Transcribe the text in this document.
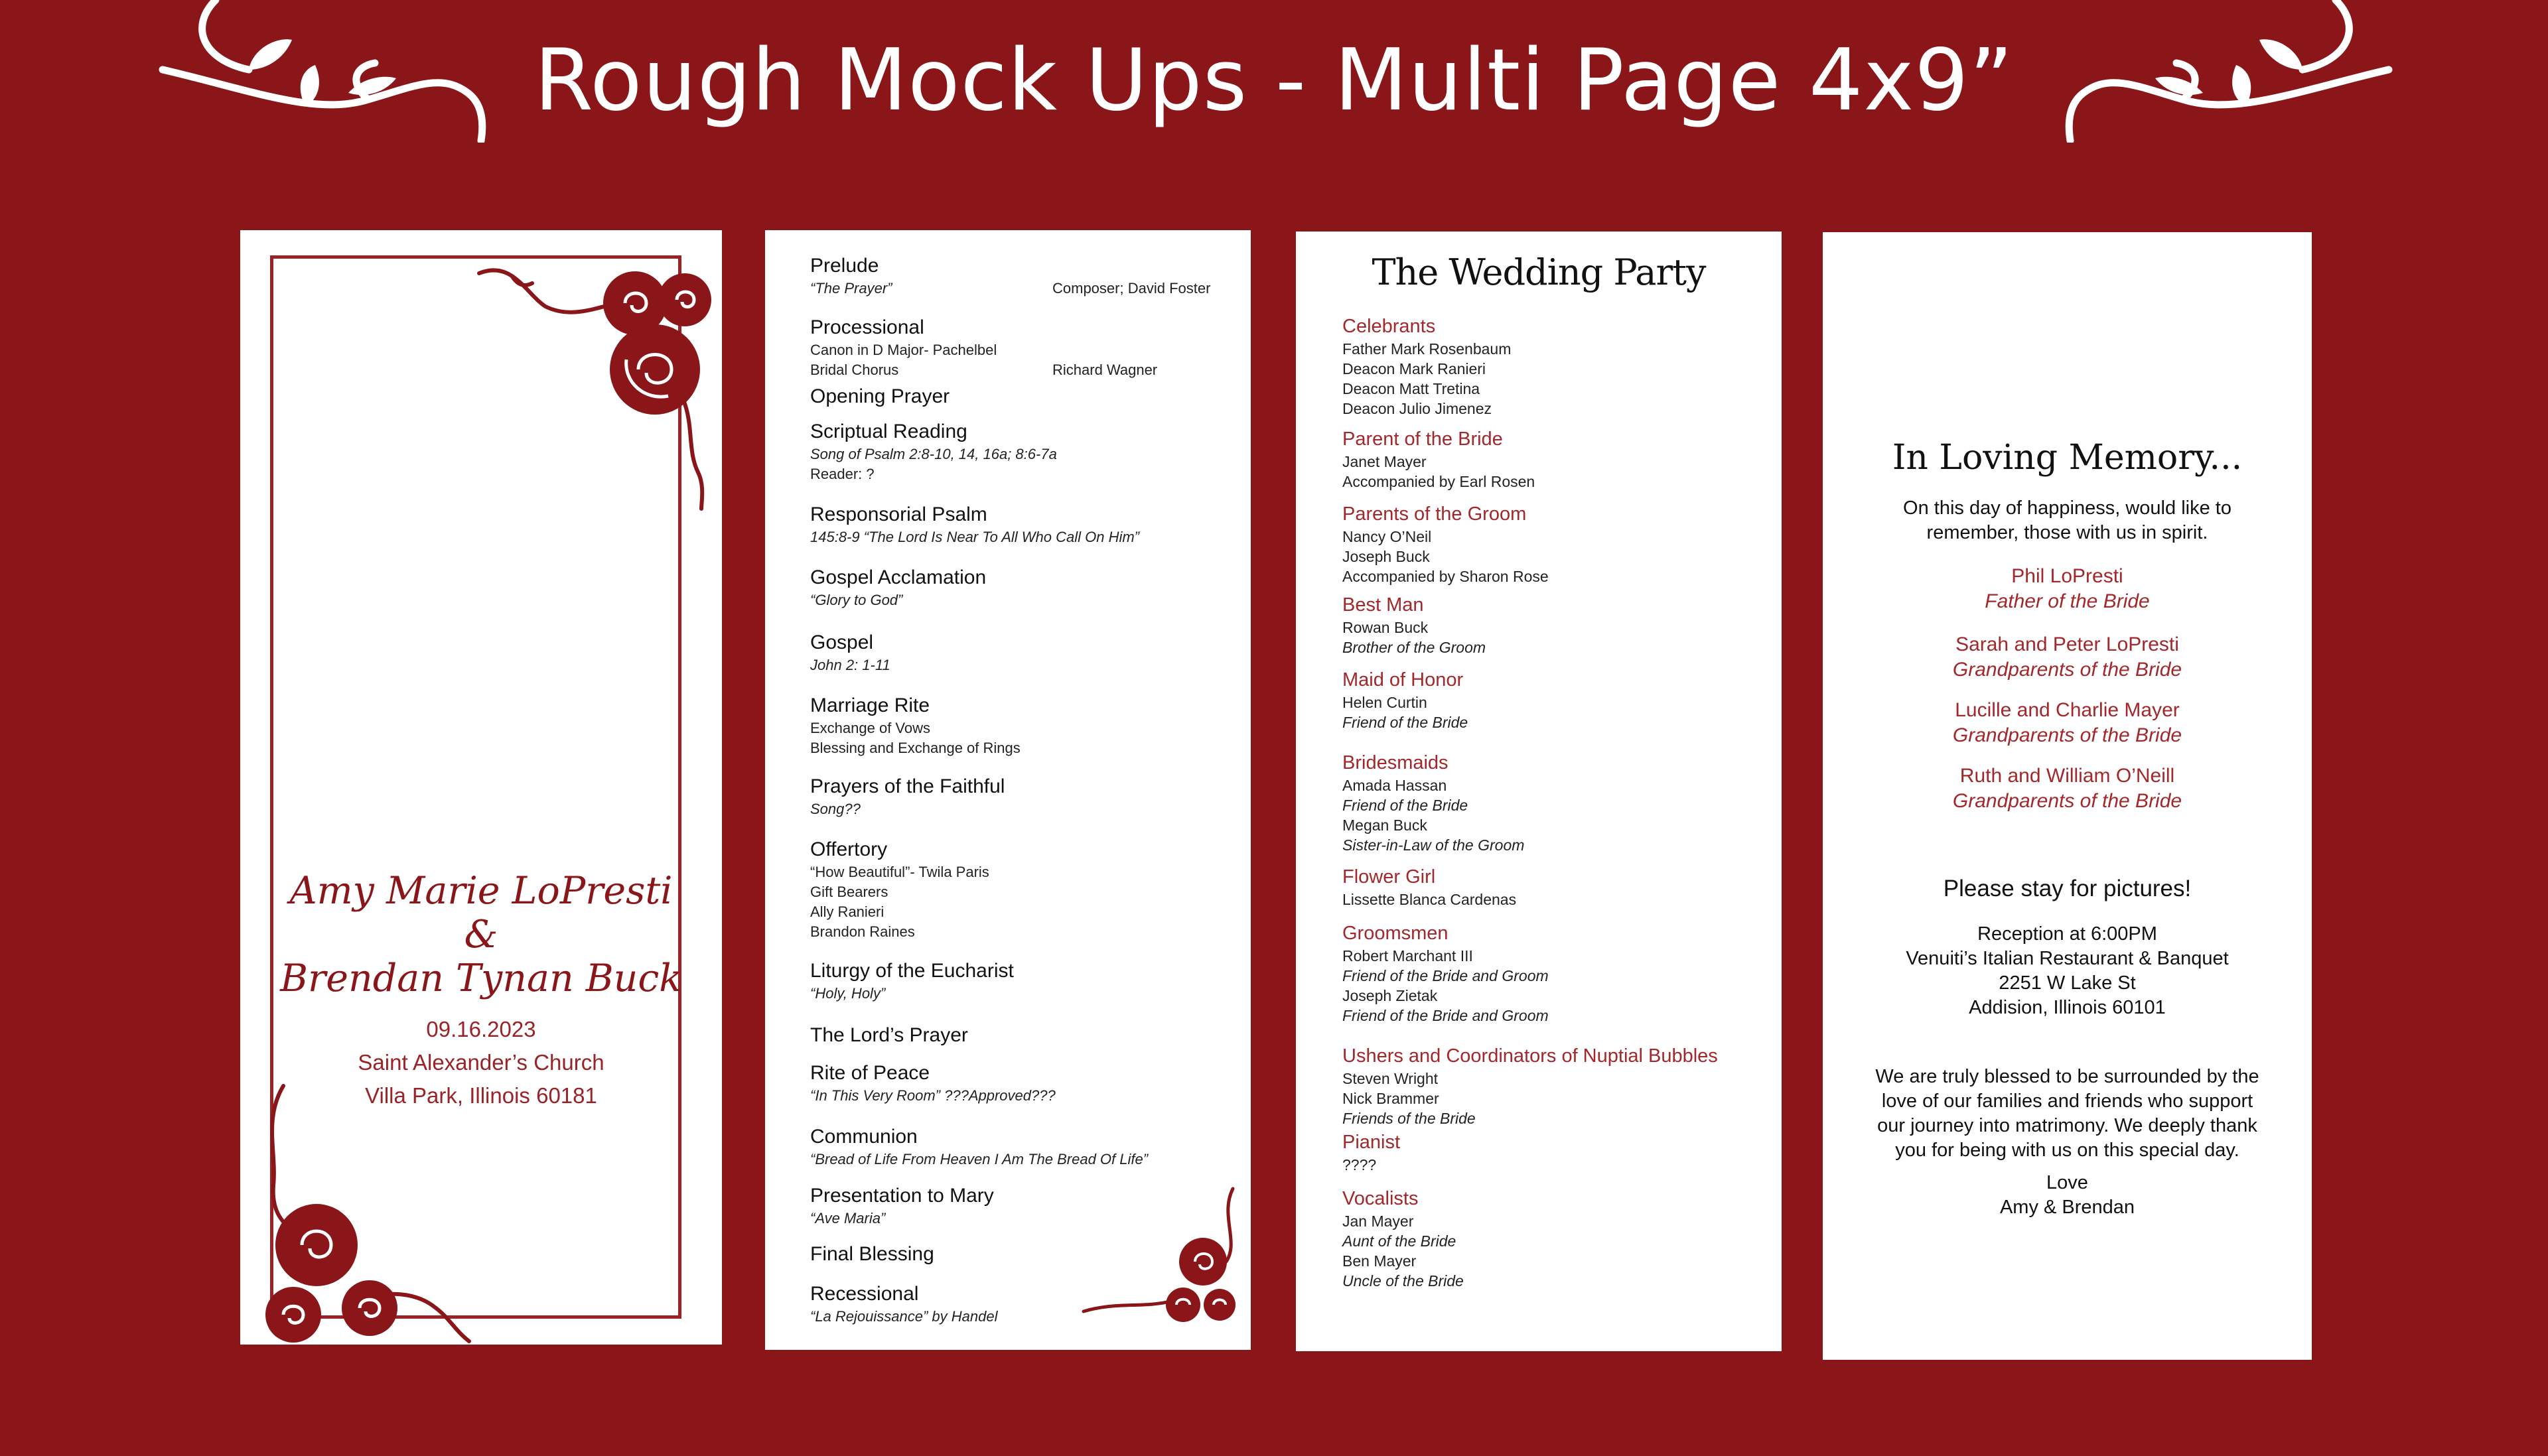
Rough Mock Ups - Multi Page 4x9”
Amy Marie LoPresti
&
Brendan Tynan Buck
09.16.2023
Saint Alexander’s Church
Villa Park, Illinois 60181
Prelude
“The Prayer”	Composer; David Foster
Processional
Canon in D Major- Pachelbel
Bridal Chorus	Richard Wagner
Opening Prayer
Scriptual Reading
Song of Psalm 2:8-10, 14, 16a; 8:6-7a
Reader: ?
Responsorial Psalm
145:8-9 “The Lord Is Near To All Who Call On Him”
Gospel Acclamation
“Glory to God”
Gospel
John 2: 1-11
Marriage Rite
Exchange of Vows
Blessing and Exchange of Rings
Prayers of the Faithful
Song??
Offertory
“How Beautiful”- Twila Paris
Gift Bearers
Ally Ranieri
Brandon Raines
Liturgy of the Eucharist
“Holy, Holy”
The Lord’s Prayer
Rite of Peace
“In This Very Room” ???Approved???
Communion
“Bread of Life From Heaven I Am The Bread Of Life”
Presentation to Mary
“Ave Maria”
Final Blessing
Recessional
“La Rejouissance” by Handel
The Wedding Party
Celebrants
Father Mark Rosenbaum
Deacon Mark Ranieri
Deacon Matt Tretina
Deacon Julio Jimenez
Parent of the Bride
Janet Mayer
Accompanied by Earl Rosen
Parents of the Groom
Nancy O’Neil
Joseph Buck
Accompanied by Sharon Rose
Best Man
Rowan Buck
Brother of the Groom
Maid of Honor
Helen Curtin
Friend of the Bride
Bridesmaids
Amada Hassan
Friend of the Bride
Megan Buck
Sister-in-Law of the Groom
Flower Girl
Lissette Blanca Cardenas
Groomsmen
Robert Marchant III
Friend of the Bride and Groom
Joseph Zietak
Friend of the Bride and Groom
Ushers and Coordinators of Nuptial Bubbles
Steven Wright
Nick Brammer
Friends of the Bride
Pianist
????
Vocalists
Jan Mayer
Aunt of the Bride
Ben Mayer
Uncle of the Bride
In Loving Memory...
On this day of happiness, would like to
remember, those with us in spirit.
Phil LoPresti
Father of the Bride
Sarah and Peter LoPresti
Grandparents of the Bride
Lucille and Charlie Mayer
Grandparents of the Bride
Ruth and William O’Neill
Grandparents of the Bride
Please stay for pictures!
Reception at 6:00PM
Venuiti’s Italian Restaurant & Banquet
2251 W Lake St
Addision, Illinois 60101
We are truly blessed to be surrounded by the
love of our families and friends who support
our journey into matrimony. We deeply thank
you for being with us on this special day.
Love
Amy & Brendan
